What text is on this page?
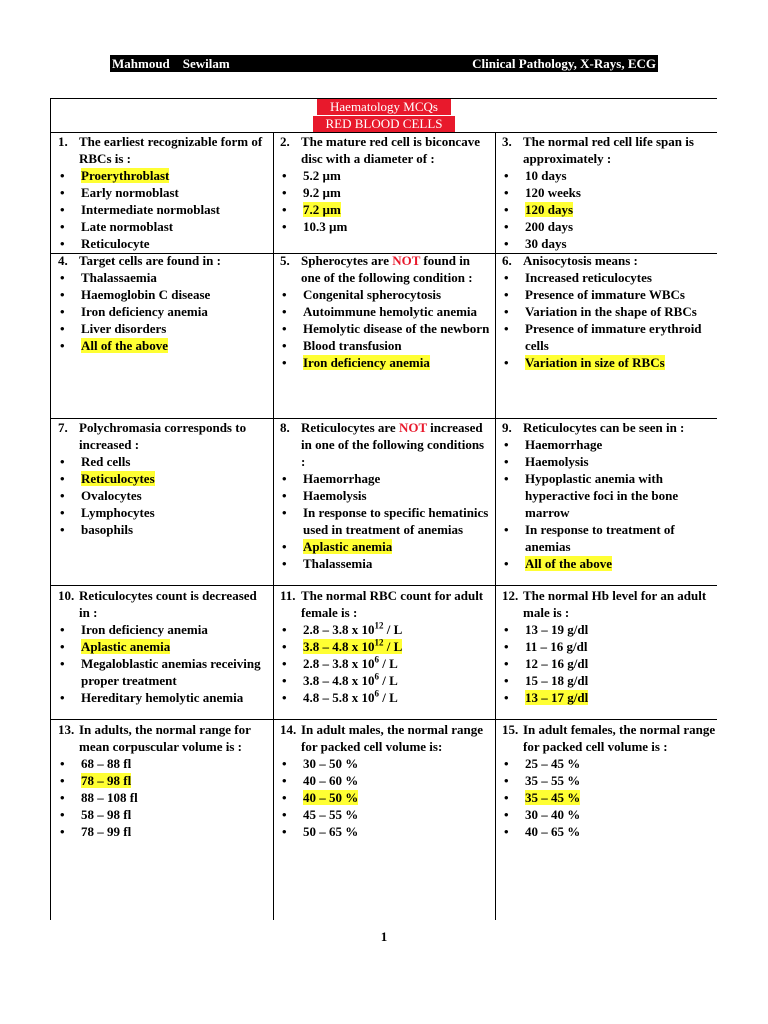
Mahmoud    Sewilam	Clinical Pathology, X-Rays, ECG
Haematology MCQs
RED BLOOD CELLS

1. The earliest recognizable form of RBCs is :

• Proerythroblast
• Early normoblast
• Intermediate normoblast
• Late normoblast
• Reticulocyte

2. The mature red cell is biconcave disc with a diameter of :

• 5.2 µm
• 9.2 µm
• 7.2 µm
• 10.3 µm

3. The normal red cell life span is approximately :

• 10 days
• 120 weeks
• 120 days
• 200 days
• 30 days

4. Target cells are found in :

• Thalassaemia
• Haemoglobin C disease
• Iron deficiency anemia
• Liver disorders
• All of the above

5. Spherocytes are NOT found in one of the following condition :

• Congenital spherocytosis
• Autoimmune hemolytic anemia
• Hemolytic disease of the newborn
• Blood transfusion
• Iron deficiency anemia

6. Anisocytosis means :

• Increased reticulocytes
• Presence of immature WBCs
• Variation in the shape of RBCs
• Presence of immature erythroid cells
• Variation in size of RBCs

7. Polychromasia corresponds to increased :

• Red cells
• Reticulocytes
• Ovalocytes
• Lymphocytes
• basophils

8. Reticulocytes are NOT increased in one of the following conditions :

• Haemorrhage
• Haemolysis
• In response to specific hematinics used in treatment of anemias
• Aplastic anemia
• Thalassemia

9. Reticulocytes can be seen in :

• Haemorrhage
• Haemolysis
• Hypoplastic anemia with hyperactive foci in the bone marrow
• In response to treatment of anemias
• All of the above

10. Reticulocytes count is decreased in :

• Iron deficiency anemia
• Aplastic anemia
• Megaloblastic anemias receiving proper treatment
• Hereditary hemolytic anemia

11. The normal RBC count for adult female is :

• 2.8 – 3.8 x $10^{12}$ / L
• 3.8 – 4.8 x $10^{12}$ / L
• 2.8 – 3.8 x $10^6$ / L
• 3.8 – 4.8 x $10^6$ / L
• 4.8 – 5.8 x $10^6$ / L

12. The normal Hb level for an adult male is :

• 13 – 19 g/dl
• 11 – 16 g/dl
• 12 – 16 g/dl
• 15 – 18 g/dl
• 13 – 17 g/dl

13. In adults, the normal range for mean corpuscular volume is :

• 68 – 88 fl
• 78 – 98 fl
• 88 – 108 fl
• 58 – 98 fl
• 78 – 99 fl

14. In adult males, the normal range for packed cell volume is:

• 30 – 50 %
• 40 – 60 %
• 40 – 50 %
• 45 – 55 %
• 50 – 65 %

15. In adult females, the normal range for packed cell volume is :

• 25 – 45 %
• 35 – 55 %
• 35 – 45 %
• 30 – 40 %
• 40 – 65 %
1
